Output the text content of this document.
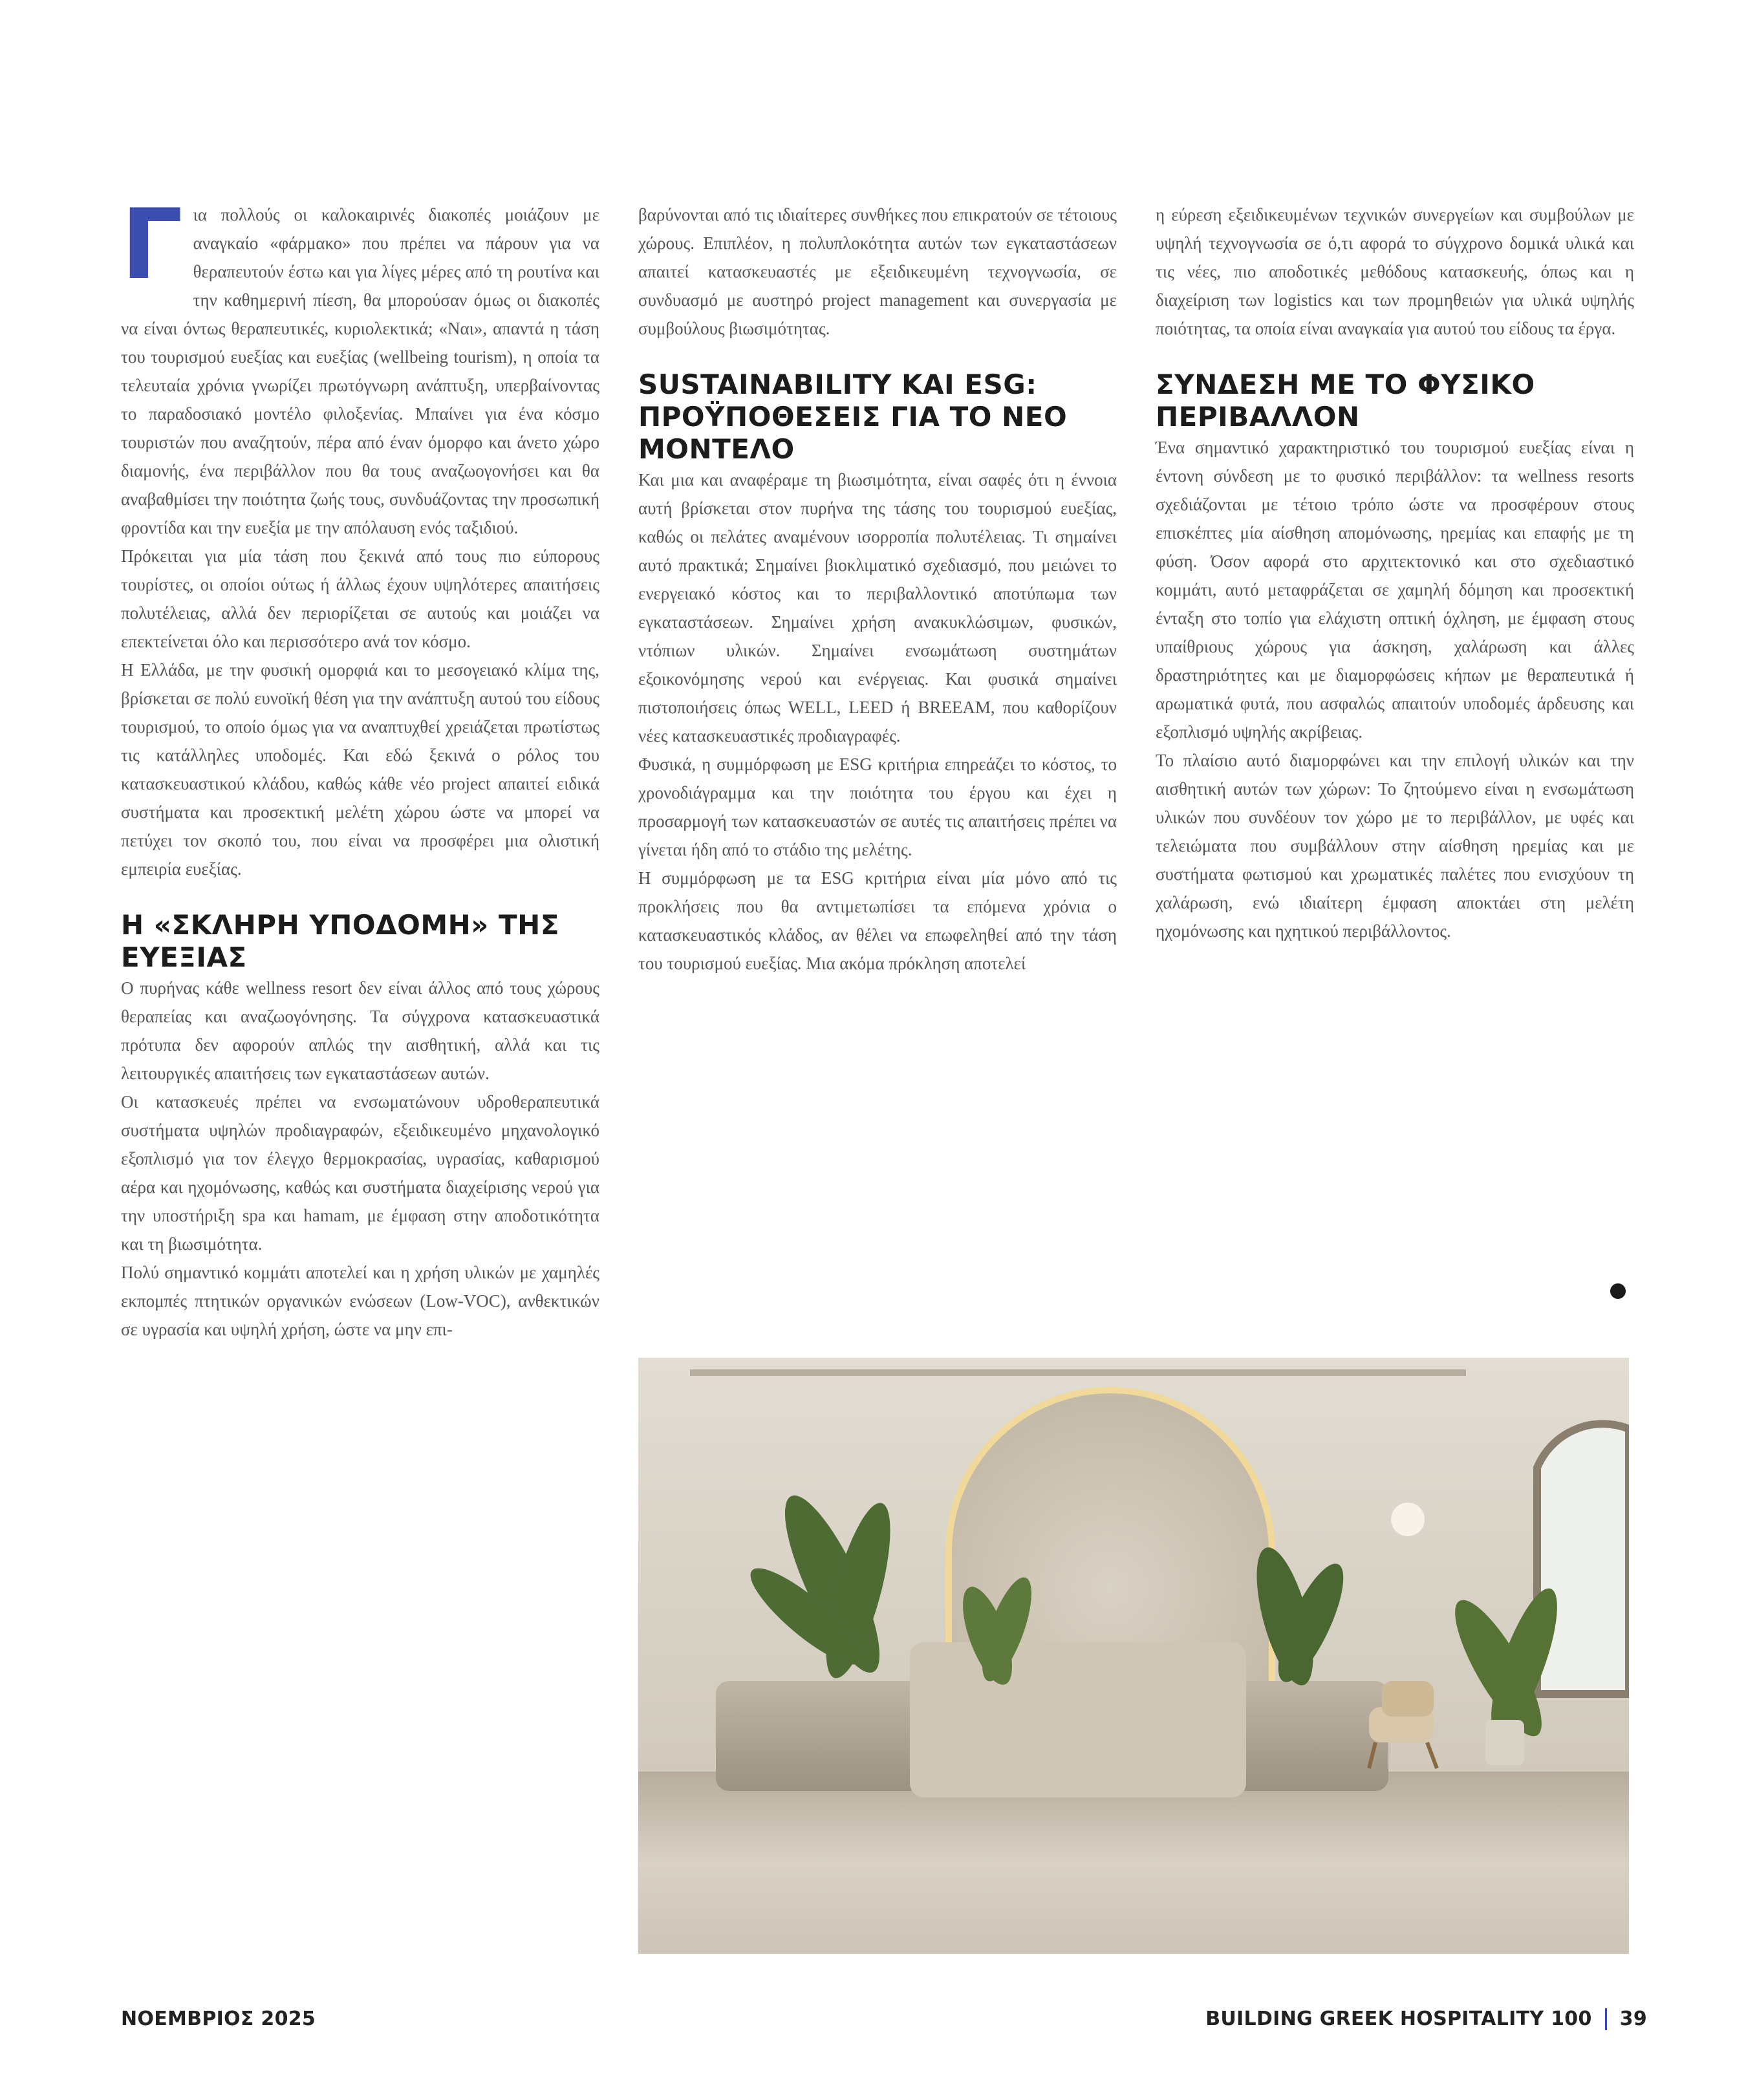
Γ ια πολλούς οι καλοκαιρινές διακοπές μοιάζουν με αναγκαίο «φάρμακο» που πρέπει να πάρουν για να θεραπευτούν έστω και για λίγες μέρες από τη ρουτίνα και την καθημερινή πίεση, θα μπορούσαν όμως οι διακοπές να είναι όντως θεραπευτικές, κυριολεκτικά; «Ναι», απαντά η τάση του τουρισμού ευεξίας και ευεξίας (wellbeing tourism), η οποία τα τελευταία χρόνια γνωρίζει πρωτόγνωρη ανάπτυξη, υπερβαίνοντας το παραδοσιακό μοντέλο φιλοξενίας. Μπαίνει για ένα κόσμο τουριστών που αναζητούν, πέρα από έναν όμορφο και άνετο χώρο διαμονής, ένα περιβάλλον που θα τους αναζωογονήσει και θα αναβαθμίσει την ποιότητα ζωής τους, συνδυάζοντας την προσωπική φροντίδα και την ευεξία με την απόλαυση ενός ταξιδιού.
Πρόκειται για μία τάση που ξεκινά από τους πιο εύπορους τουρίστες, οι οποίοι ούτως ή άλλως έχουν υψηλότερες απαιτήσεις πολυτέλειας, αλλά δεν περιορίζεται σε αυτούς και μοιάζει να επεκτείνεται όλο και περισσότερο ανά τον κόσμο.
Η Ελλάδα, με την φυσική ομορφιά και το μεσογειακό κλίμα της, βρίσκεται σε πολύ ευνοϊκή θέση για την ανάπτυξη αυτού του είδους τουρισμού, το οποίο όμως για να αναπτυχθεί χρειάζεται πρωτίστως τις κατάλληλες υποδομές. Και εδώ ξεκινά ο ρόλος του κατασκευαστικού κλάδου, καθώς κάθε νέο project απαιτεί ειδικά συστήματα και προσεκτική μελέτη χώρου ώστε να μπορεί να πετύχει τον σκοπό του, που είναι να προσφέρει μια ολιστική εμπειρία ευεξίας.
Η «ΣΚΛΗΡΗ ΥΠΟΔΟΜΗ» ΤΗΣ ΕΥΕΞΙΑΣ
Ο πυρήνας κάθε wellness resort δεν είναι άλλος από τους χώρους θεραπείας και αναζωογόνησης. Τα σύγχρονα κατασκευαστικά πρότυπα δεν αφορούν απλώς την αισθητική, αλλά και τις λειτουργικές απαιτήσεις των εγκαταστάσεων αυτών.
Οι κατασκευές πρέπει να ενσωματώνουν υδροθεραπευτικά συστήματα υψηλών προδιαγραφών, εξειδικευμένο μηχανολογικό εξοπλισμό για τον έλεγχο θερμοκρασίας, υγρασίας, καθαρισμού αέρα και ηχομόνωσης, καθώς και συστήματα διαχείρισης νερού για την υποστήριξη spa και hamam, με έμφαση στην αποδοτικότητα και τη βιωσιμότητα.
Πολύ σημαντικό κομμάτι αποτελεί και η χρήση υλικών με χαμηλές εκπομπές πτητικών οργανικών ενώσεων (Low-VOC), ανθεκτικών σε υγρασία και υψηλή χρήση, ώστε να μην επι-
βαρύνονται από τις ιδιαίτερες συνθήκες που επικρατούν σε τέτοιους χώρους. Επιπλέον, η πολυπλοκότητα αυτών των εγκαταστάσεων απαιτεί κατασκευαστές με εξειδικευμένη τεχνογνωσία, σε συνδυασμό με αυστηρό project management και συνεργασία με συμβούλους βιωσιμότητας.
SUSTAINABILITY ΚΑΙ ESG: ΠΡΟΫΠΟΘΕΣΕΙΣ ΓΙΑ ΤΟ ΝΕΟ ΜΟΝΤΕΛΟ
Και μια και αναφέραμε τη βιωσιμότητα, είναι σαφές ότι η έννοια αυτή βρίσκεται στον πυρήνα της τάσης του τουρισμού ευεξίας, καθώς οι πελάτες αναμένουν ισορροπία πολυτέλειας. Τι σημαίνει αυτό πρακτικά; Σημαίνει βιοκλιματικό σχεδιασμό, που μειώνει το ενεργειακό κόστος και το περιβαλλοντικό αποτύπωμα των εγκαταστάσεων. Σημαίνει χρήση ανακυκλώσιμων, φυσικών, ντόπιων υλικών. Σημαίνει ενσωμάτωση συστημάτων εξοικονόμησης νερού και ενέργειας. Και φυσικά σημαίνει πιστοποιήσεις όπως WELL, LEED ή BREEAM, που καθορίζουν νέες κατασκευαστικές προδιαγραφές.
Φυσικά, η συμμόρφωση με ESG κριτήρια επηρεάζει το κόστος, το χρονοδιάγραμμα και την ποιότητα του έργου και έχει η προσαρμογή των κατασκευαστών σε αυτές τις απαιτήσεις πρέπει να γίνεται ήδη από το στάδιο της μελέτης.
Η συμμόρφωση με τα ESG κριτήρια είναι μία μόνο από τις προκλήσεις που θα αντιμετωπίσει τα επόμενα χρόνια ο κατασκευαστικός κλάδος, αν θέλει να επωφεληθεί από την τάση του τουρισμού ευεξίας. Μια ακόμα πρόκληση αποτελεί
η εύρεση εξειδικευμένων τεχνικών συνεργείων και συμβούλων με υψηλή τεχνογνωσία σε ό,τι αφορά το σύγχρονο δομικά υλικά και τις νέες, πιο αποδοτικές μεθόδους κατασκευής, όπως και η διαχείριση των logistics και των προμηθειών για υλικά υψηλής ποιότητας, τα οποία είναι αναγκαία για αυτού του είδους τα έργα.
ΣΥΝΔΕΣΗ ΜΕ ΤΟ ΦΥΣΙΚΟ ΠΕΡΙΒΑΛΛΟΝ
Ένα σημαντικό χαρακτηριστικό του τουρισμού ευεξίας είναι η έντονη σύνδεση με το φυσικό περιβάλλον: τα wellness resorts σχεδιάζονται με τέτοιο τρόπο ώστε να προσφέρουν στους επισκέπτες μία αίσθηση απομόνωσης, ηρεμίας και επαφής με τη φύση. Όσον αφορά στο αρχιτεκτονικό και στο σχεδιαστικό κομμάτι, αυτό μεταφράζεται σε χαμηλή δόμηση και προσεκτική ένταξη στο τοπίο για ελάχιστη οπτική όχληση, με έμφαση στους υπαίθριους χώρους για άσκηση, χαλάρωση και άλλες δραστηριότητες και με διαμορφώσεις κήπων με θεραπευτικά ή αρωματικά φυτά, που ασφαλώς απαιτούν υποδομές άρδευσης και εξοπλισμό υψηλής ακρίβειας.
Το πλαίσιο αυτό διαμορφώνει και την επιλογή υλικών και την αισθητική αυτών των χώρων: Το ζητούμενο είναι η ενσωμάτωση υλικών που συνδέουν τον χώρο με το περιβάλλον, με υφές και τελειώματα που συμβάλλουν στην αίσθηση ηρεμίας και με συστήματα φωτισμού και χρωματικές παλέτες που ενισχύουν τη χαλάρωση, ενώ ιδιαίτερη έμφαση αποκτάει στη μελέτη ηχομόνωσης και ηχητικού περιβάλλοντος.
ΝΟΕΜΒΡΙΟΣ 2025	BUILDING GREEK HOSPITALITY 100 39
